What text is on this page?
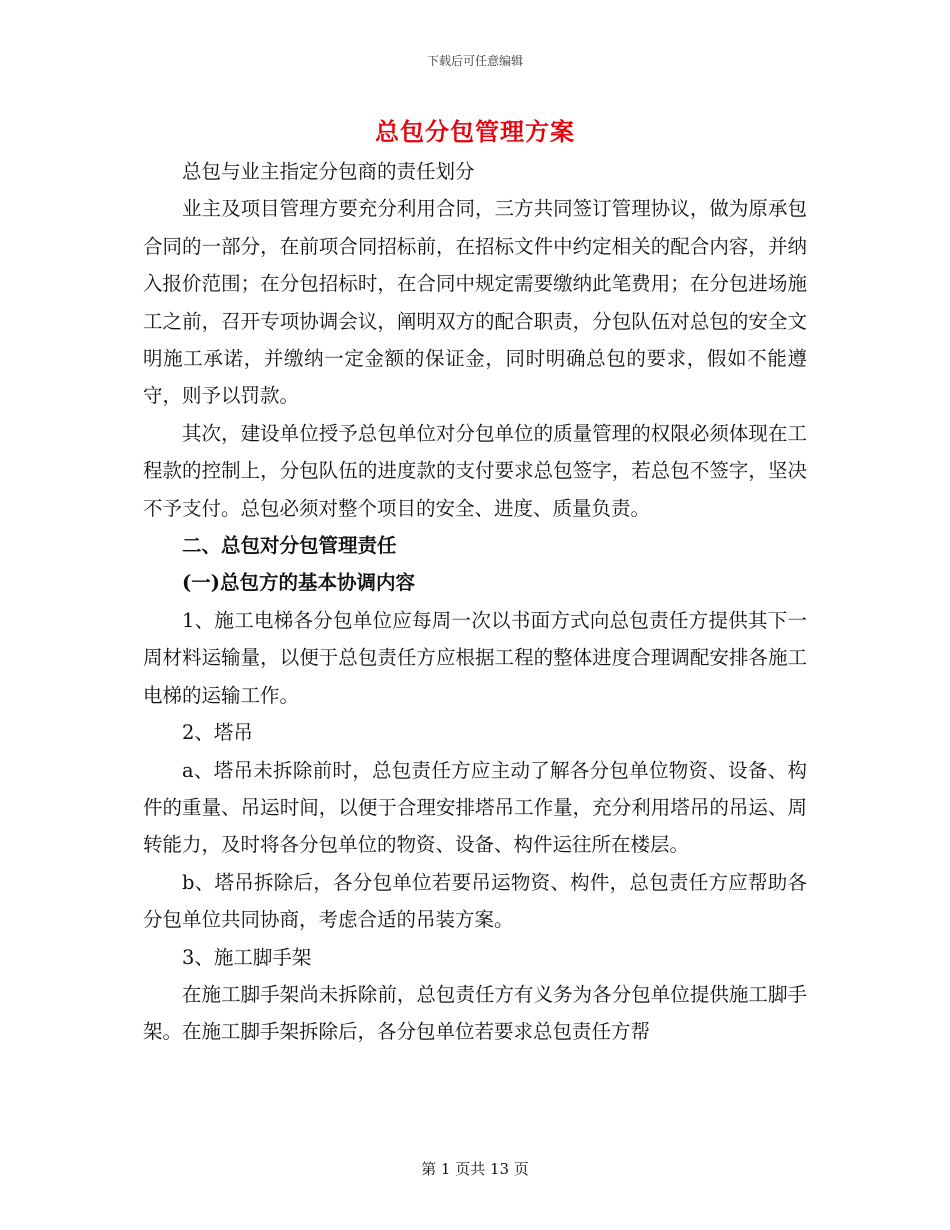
下载后可任意编辑
总包分包管理方案

总包与业主指定分包商的责任划分

业主及项目管理方要充分利用合同，三方共同签订管理协议，做为原承包合同的一部分，在前项合同招标前，在招标文件中约定相关的配合内容，并纳入报价范围；在分包招标时，在合同中规定需要缴纳此笔费用；在分包进场施工之前，召开专项协调会议，阐明双方的配合职责，分包队伍对总包的安全文明施工承诺，并缴纳一定金额的保证金，同时明确总包的要求，假如不能遵守，则予以罚款。

其次，建设单位授予总包单位对分包单位的质量管理的权限必须体现在工程款的控制上，分包队伍的进度款的支付要求总包签字，若总包不签字，坚决不予支付。总包必须对整个项目的安全、进度、质量负责。

二、总包对分包管理责任

(一)总包方的基本协调内容

1、施工电梯各分包单位应每周一次以书面方式向总包责任方提供其下一周材料运输量，以便于总包责任方应根据工程的整体进度合理调配安排各施工电梯的运输工作。

2、塔吊

a、塔吊未拆除前时，总包责任方应主动了解各分包单位物资、设备、构件的重量、吊运时间，以便于合理安排塔吊工作量，充分利用塔吊的吊运、周转能力，及时将各分包单位的物资、设备、构件运往所在楼层。

b、塔吊拆除后，各分包单位若要吊运物资、构件，总包责任方应帮助各分包单位共同协商，考虑合适的吊装方案。

3、施工脚手架

在施工脚手架尚未拆除前，总包责任方有义务为各分包单位提供施工脚手架。在施工脚手架拆除后，各分包单位若要求总包责任方帮

第 1 页共 13 页
